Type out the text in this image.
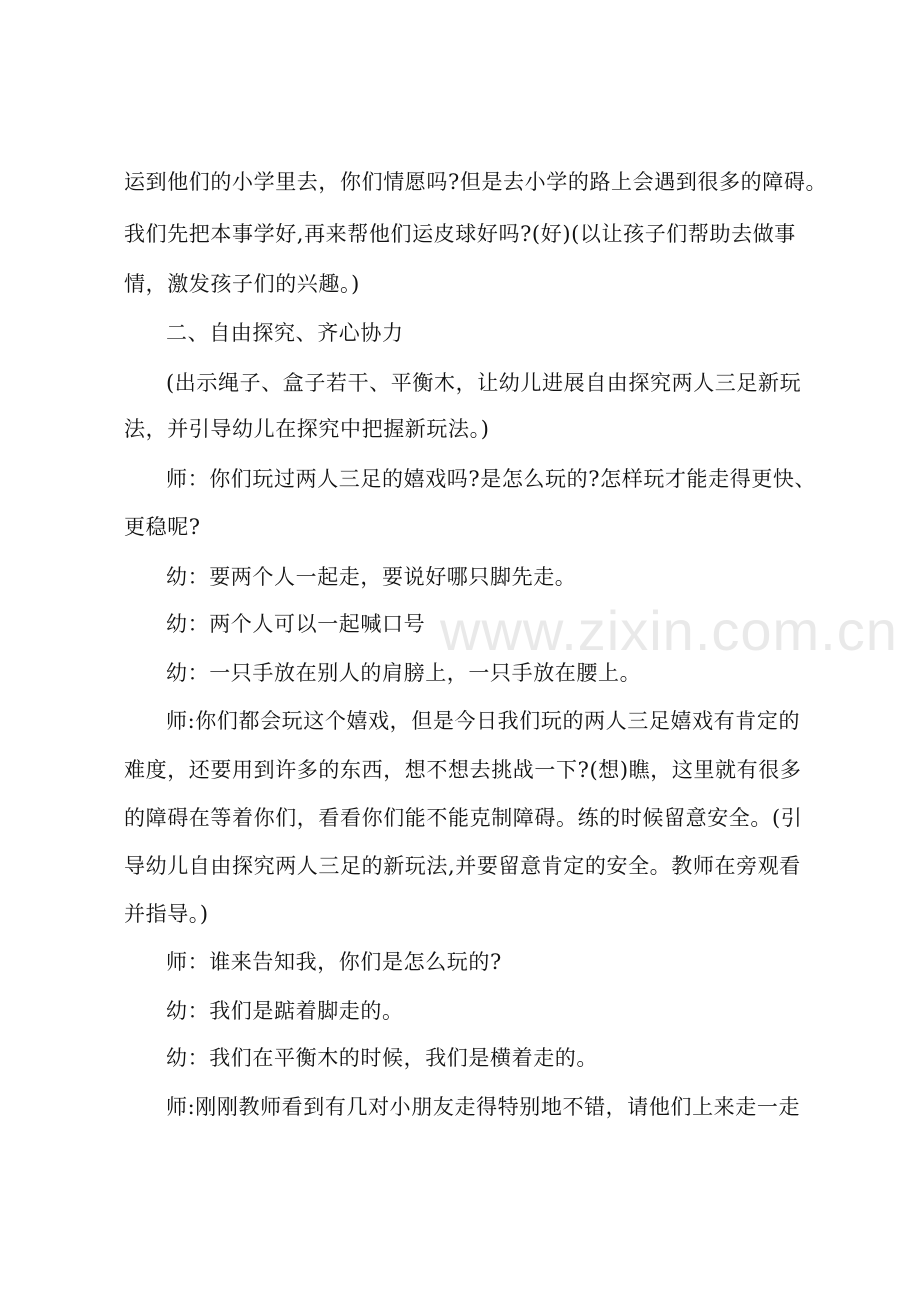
www.zixin.com.cn
运到他们的小学里去，你们情愿吗?但是去小学的路上会遇到很多的障碍。
我们先把本事学好,再来帮他们运皮球好吗?(好)(以让孩子们帮助去做事
情，激发孩子们的兴趣。)
二、自由探究、齐心协力
(出示绳子、盒子若干、平衡木，让幼儿进展自由探究两人三足新玩
法，并引导幼儿在探究中把握新玩法。)
师：你们玩过两人三足的嬉戏吗?是怎么玩的?怎样玩才能走得更快、
更稳呢?
幼：要两个人一起走，要说好哪只脚先走。
幼：两个人可以一起喊口号
幼：一只手放在别人的肩膀上，一只手放在腰上。
师:你们都会玩这个嬉戏，但是今日我们玩的两人三足嬉戏有肯定的
难度，还要用到许多的东西，想不想去挑战一下?(想)瞧，这里就有很多
的障碍在等着你们，看看你们能不能克制障碍。练的时候留意安全。(引
导幼儿自由探究两人三足的新玩法,并要留意肯定的安全。教师在旁观看
并指导。)
师：谁来告知我，你们是怎么玩的?
幼：我们是踮着脚走的。
幼：我们在平衡木的时候，我们是横着走的。
师:刚刚教师看到有几对小朋友走得特别地不错，请他们上来走一走
